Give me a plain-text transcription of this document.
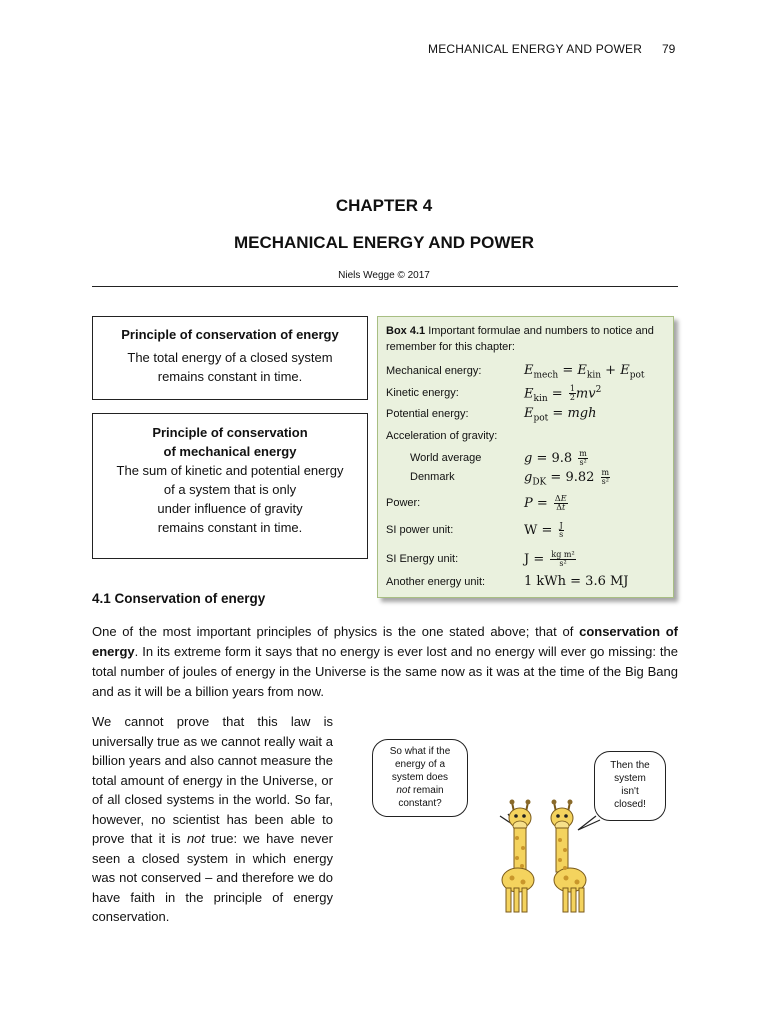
MECHANICAL ENERGY AND POWER 79
CHAPTER 4
MECHANICAL ENERGY AND POWER
Niels Wegge © 2017
Principle of conservation of energy
The total energy of a closed system
remains constant in time.
Principle of conservation
of mechanical energy
The sum of kinetic and potential energy
of a system that is only
under influence of gravity
remains constant in time.
Box 4.1 Important formulae and numbers to notice and remember for this chapter:
Mechanical energy:	$E_{mech} = E_{kin} + E_{pot}$
Kinetic energy:	$E_{kin} = \frac{1}{2} mv^2$
Potential energy:	$E_{pot}$ = mgh
Acceleration of gravity:
World average	$g = 9.8 \frac{m}{\text{s²}}$
Denmark	$g_{DK} = 9.82 \frac{m}{\text{s²}}$
Power:	$P = \frac{\Delta E}{\Delta t}$
SI power unit:	$W = \frac{J}{s}$
SI Energy unit:	$J = \frac{\text{kg m²}}{\text{s²}}$
Another energy unit:	1 kWh = 3.6 MJ
4.1 Conservation of energy
One of the most important principles of physics is the one stated above; that of conservation of energy. In its extreme form it says that no energy is ever lost and no energy will ever go missing: the total number of joules of energy in the Universe is the same now as it was at the time of the Big Bang and as it will be a billion years from now.
We cannot prove that this law is universally true as we cannot really wait a billion years and also cannot measure the total amount of energy in the Universe, or of all closed systems in the world. So far, however, no scientist has been able to prove that it is not true: we have never seen a closed system in which energy was not conserved – and therefore we do have faith in the principle of energy conservation.
So what if the
energy of a
system does
not remain
constant?
Then the
system
isn't
closed!
